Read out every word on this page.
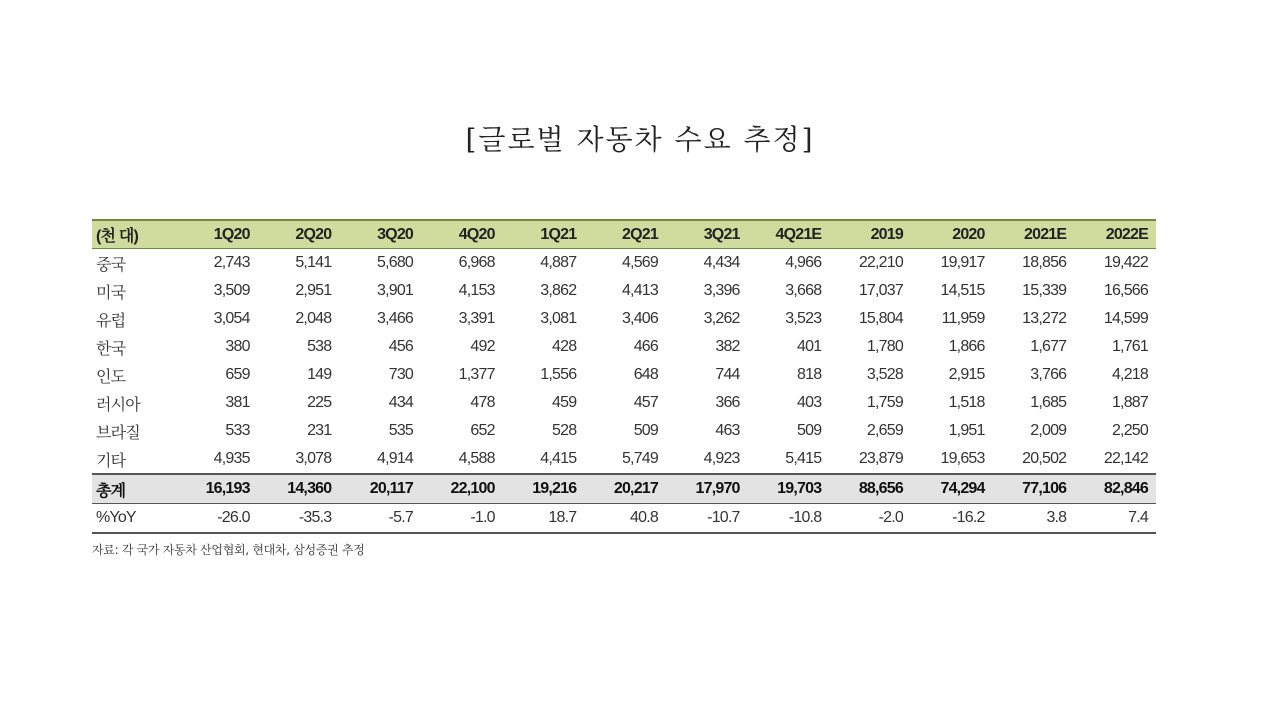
[글로벌 자동차 수요 추정]
(천 대)	1Q20	2Q20	3Q20	4Q20	1Q21	2Q21	3Q21	4Q21E	2019	2020	2021E	2022E
중국	2,743	5,141	5,680	6,968	4,887	4,569	4,434	4,966	22,210	19,917	18,856	19,422
미국	3,509	2,951	3,901	4,153	3,862	4,413	3,396	3,668	17,037	14,515	15,339	16,566
유럽	3,054	2,048	3,466	3,391	3,081	3,406	3,262	3,523	15,804	11,959	13,272	14,599
한국	380	538	456	492	428	466	382	401	1,780	1,866	1,677	1,761
인도	659	149	730	1,377	1,556	648	744	818	3,528	2,915	3,766	4,218
러시아	381	225	434	478	459	457	366	403	1,759	1,518	1,685	1,887
브라질	533	231	535	652	528	509	463	509	2,659	1,951	2,009	2,250
기타	4,935	3,078	4,914	4,588	4,415	5,749	4,923	5,415	23,879	19,653	20,502	22,142
총계	16,193	14,360	20,117	22,100	19,216	20,217	17,970	19,703	88,656	74,294	77,106	82,846
%YoY	-26.0	-35.3	-5.7	-1.0	18.7	40.8	-10.7	-10.8	-2.0	-16.2	3.8	7.4
자료: 각 국가 자동차 산업협회, 현대차, 삼성증권 추정
